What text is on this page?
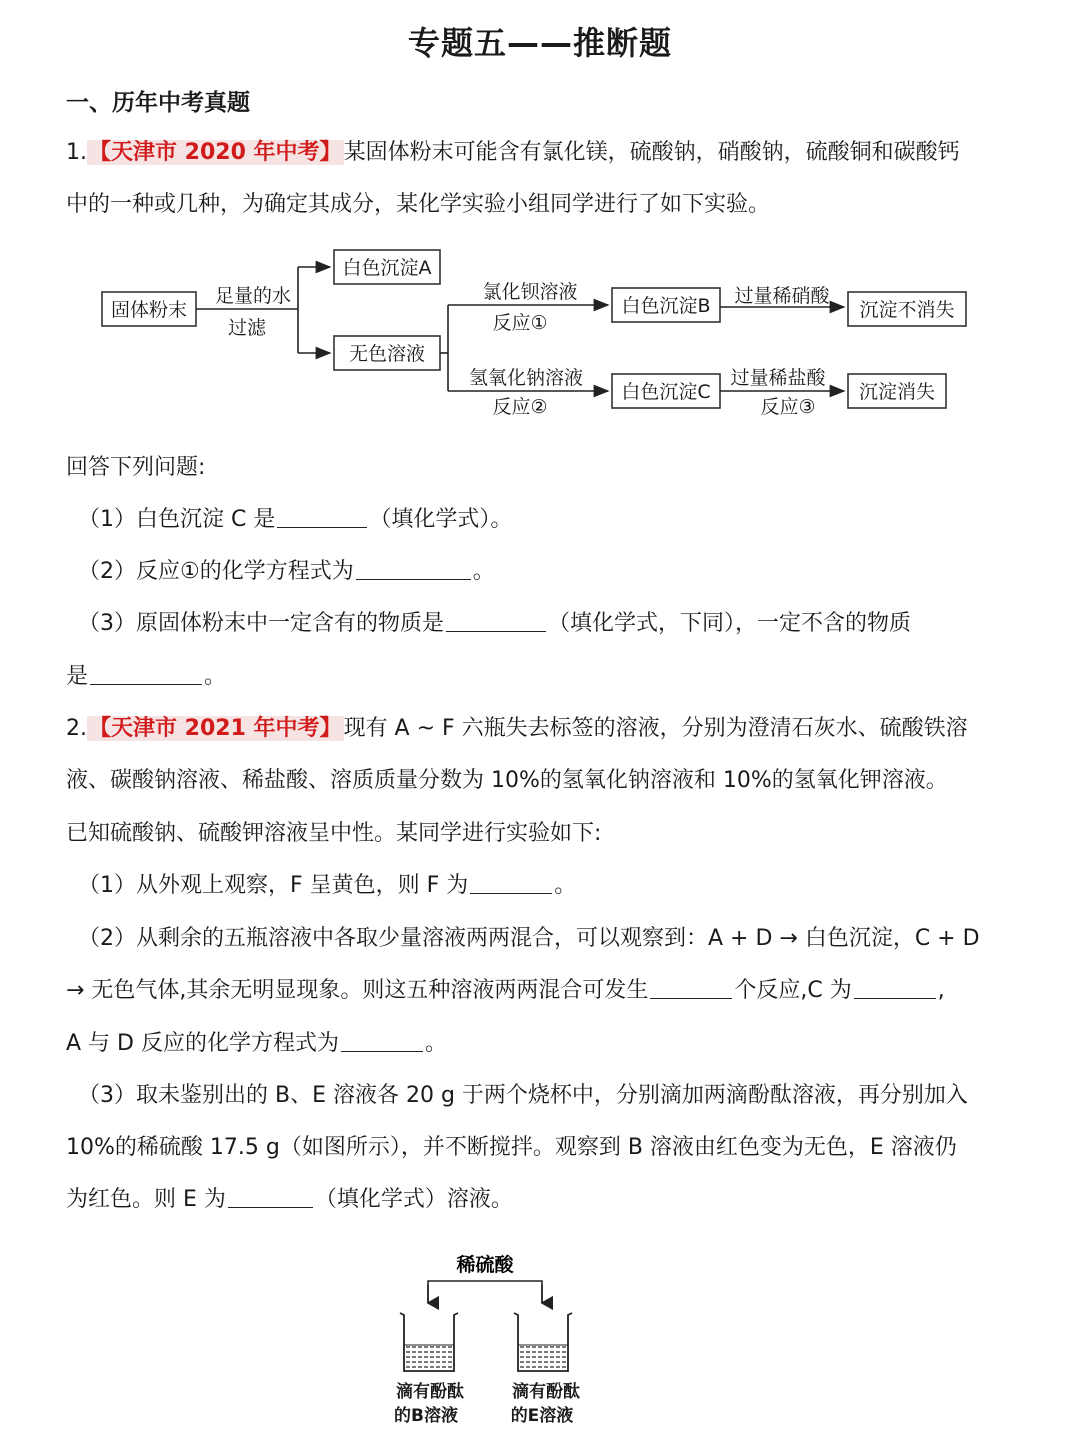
专题五——推断题
一、历年中考真题
1.【天津市 2020 年中考】某固体粉末可能含有氯化镁，硫酸钠，硝酸钠，硫酸铜和碳酸钙
中的一种或几种，为确定其成分，某化学实验小组同学进行了如下实验。
固体粉末
足量的水
过滤
白色沉淀A
无色溶液
氯化钡溶液
反应①
白色沉淀B 过量稀硝酸
沉淀不消失
氢氧化钠溶液
反应②
白色沉淀C
过量稀盐酸
反应③
沉淀消失
回答下列问题:
（1）白色沉淀 C 是	（填化学式）。
（2）反应①的化学方程式为	。
（3）原固体粉末中一定含有的物质是	（填化学式，下同），一定不含的物质
是	。
2.【天津市 2021 年中考】现有 A ~ F 六瓶失去标签的溶液，分别为澄清石灰水、硫酸铁溶
液、碳酸钠溶液、稀盐酸、溶质质量分数为 10%的氢氧化钠溶液和 10%的氢氧化钾溶液。
已知硫酸钠、硫酸钾溶液呈中性。某同学进行实验如下:
（1）从外观上观察，F 呈黄色，则 F 为	。
（2）从剩余的五瓶溶液中各取少量溶液两两混合，可以观察到：A + D → 白色沉淀，C + D
→ 无色气体,其余无明显现象。则这五种溶液两两混合可发生	个反应,C 为	,
A 与 D 反应的化学方程式为	。
（3）取未鉴别出的 B、E 溶液各 20 g 于两个烧杯中，分别滴加两滴酚酞溶液，再分别加入
10%的稀硫酸 17.5 g（如图所示），并不断搅拌。观察到 B 溶液由红色变为无色，E 溶液仍
为红色。则 E 为	（填化学式）溶液。
稀硫酸
滴有酚酞
的B溶液
滴有酚酞
的E溶液
